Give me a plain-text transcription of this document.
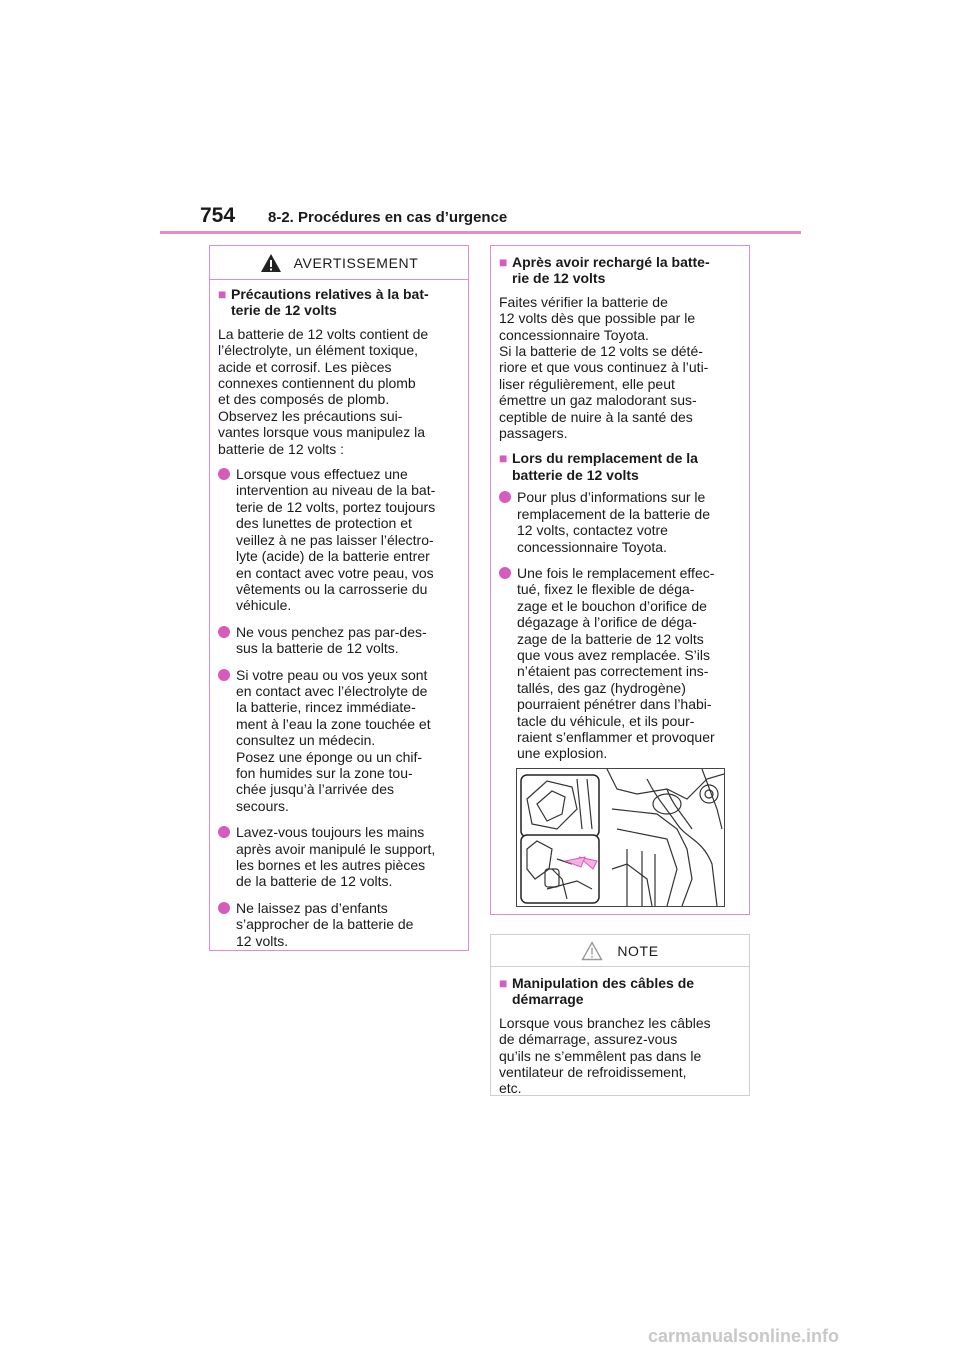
754	8-2. Procédures en cas d’urgence
AVERTISSEMENT
■ Précautions relatives à la bat-
terie de 12 volts

La batterie de 12 volts contient de
l’électrolyte, un élément toxique,
acide et corrosif. Les pièces
connexes contiennent du plomb
et des composés de plomb.
Observez les précautions sui-
vantes lorsque vous manipulez la
batterie de 12 volts :

Lorsque vous effectuez une
intervention au niveau de la bat-
terie de 12 volts, portez toujours
des lunettes de protection et
veillez à ne pas laisser l’électro-
lyte (acide) de la batterie entrer
en contact avec votre peau, vos
vêtements ou la carrosserie du
véhicule.
Ne vous penchez pas par-des-
sus la batterie de 12 volts.
Si votre peau ou vos yeux sont
en contact avec l’électrolyte de
la batterie, rincez immédiate-
ment à l’eau la zone touchée et
consultez un médecin.
Posez une éponge ou un chif-
fon humides sur la zone tou-
chée jusqu’à l’arrivée des
secours.
Lavez-vous toujours les mains
après avoir manipulé le support,
les bornes et les autres pièces
de la batterie de 12 volts.
Ne laissez pas d’enfants
s’approcher de la batterie de
12 volts.
■ Après avoir rechargé la batte-
rie de 12 volts

Faites vérifier la batterie de
12 volts dès que possible par le
concessionnaire Toyota.
Si la batterie de 12 volts se dété-
riore et que vous continuez à l’uti-
liser régulièrement, elle peut
émettre un gaz malodorant sus-
ceptible de nuire à la santé des
passagers.

■ Lors du remplacement de la
batterie de 12 volts
Pour plus d’informations sur le
remplacement de la batterie de
12 volts, contactez votre
concessionnaire Toyota.
Une fois le remplacement effec-
tué, fixez le flexible de déga-
zage et le bouchon d’orifice de
dégazage à l’orifice de déga-
zage de la batterie de 12 volts
que vous avez remplacée. S’ils
n’étaient pas correctement ins-
tallés, des gaz (hydrogène)
pourraient pénétrer dans l’habi-
tacle du véhicule, et ils pour-
raient s’enflammer et provoquer
une explosion.
NOTE
■ Manipulation des câbles de
démarrage

Lorsque vous branchez les câbles
de démarrage, assurez-vous
qu’ils ne s’emmêlent pas dans le
ventilateur de refroidissement,
etc.

carmanualsonline.info
